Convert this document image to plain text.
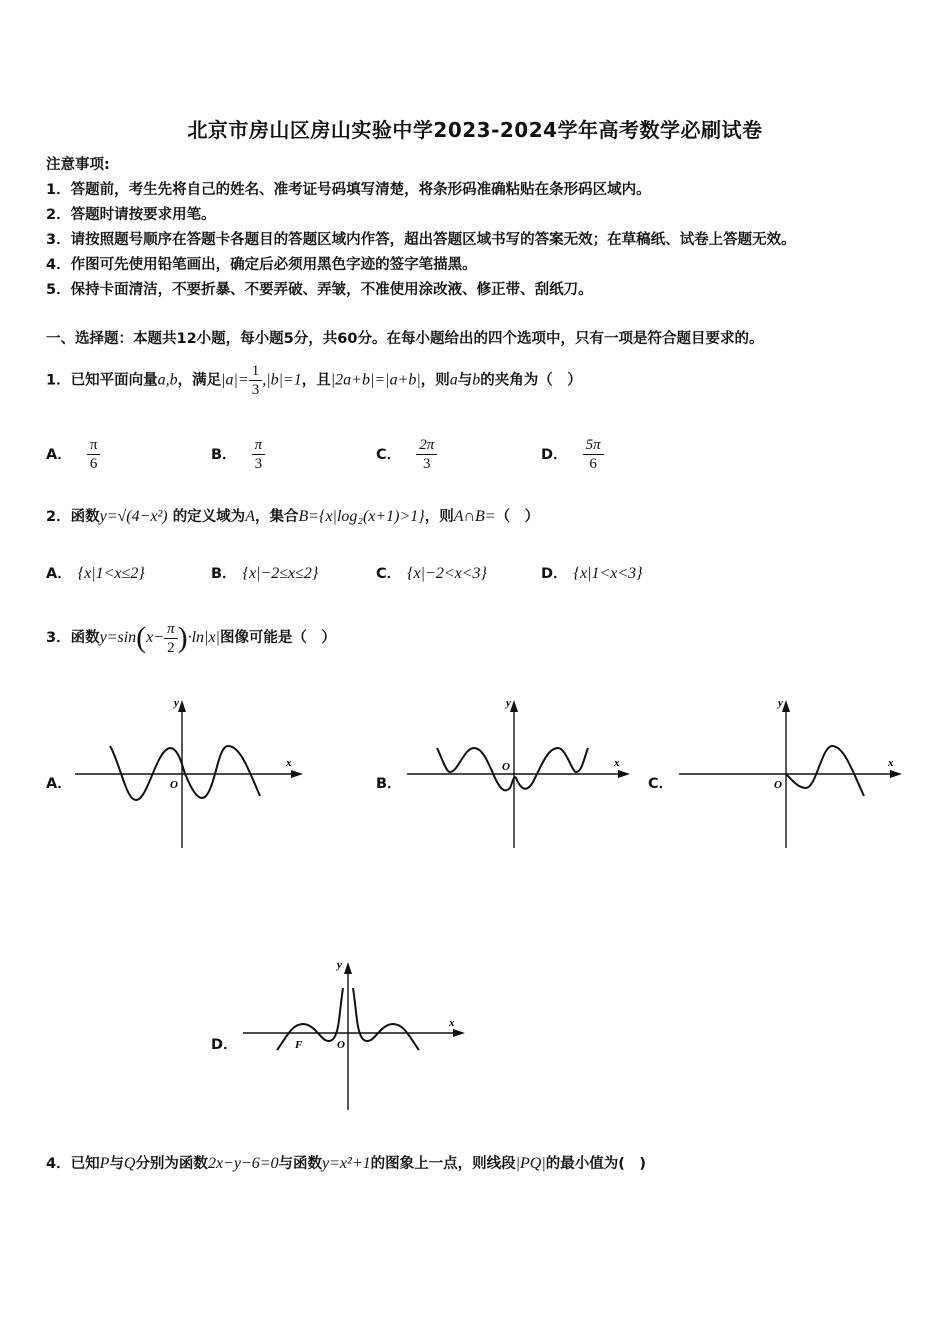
北京市房山区房山实验中学2023-2024学年高考数学必刷试卷
注意事项:
1．答题前，考生先将自己的姓名、准考证号码填写清楚，将条形码准确粘贴在条形码区域内。
2．答题时请按要求用笔。
3．请按照题号顺序在答题卡各题目的答题区域内作答，超出答题区域书写的答案无效；在草稿纸、试卷上答题无效。
4．作图可先使用铅笔画出，确定后必须用黑色字迹的签字笔描黑。
5．保持卡面清洁，不要折暴、不要弄破、弄皱，不准使用涂改液、修正带、刮纸刀。
一、选择题：本题共12小题，每小题5分，共60分。在每小题给出的四个选项中，只有一项是符合题目要求的。
1．已知平面向量a,b，满足$|a|= \frac{1}{3} ,|b|=1$，且|2a+b|=|a+b|，则a与b的夹角为（　）
A． $\frac{\pi}{6}$	B． $\frac{\pi}{3}$	C． $\frac{2\pi}{3}$	D． $\frac{5\pi}{6}$
2．函数y=√(4−x²) 的定义域为A，集合B={x|log₂(x+1)>1}，则A∩B=（　）
A． {x|1<x≤2}	B． {x|−2≤x≤2}	C． {x|−2<x<3}	D． {x|1<x<3}
3．函数$y=\sin(x- \frac{\pi}{2} )\cdot\ln|x|$图像可能是（　）
A．	B．	C．
D．
O
y
x	O
y
x
O
y
x
O
F
y
x
4．已知P与Q分别为函数2x−y−6=0与函数y=x²+1的图象上一点，则线段|PQ|的最小值为(　)
